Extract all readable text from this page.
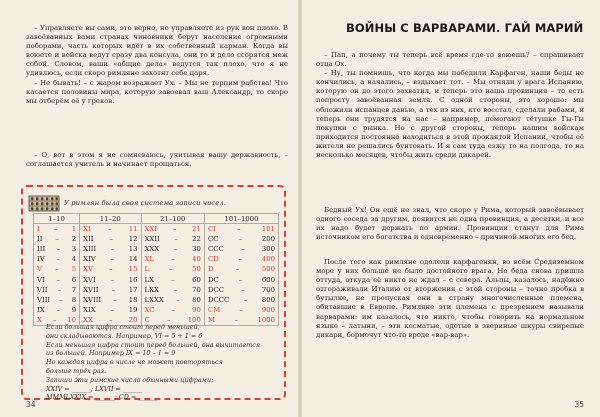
– Управляете вы сами, это верно, но управляете из рук вон плохо. В завоёванных вами странах чиновники берут население огромными поборами, часть которых идёт в их собственный карман. Когда вы воюете и войска ведут сразу два консула, они то и дело ссорятся меж собой. Словом, ваши «общие дела» ведутся так плохо, что я не удивлюсь, если скоро римляне захотят себе царя.
– Не бывать! – с жаром возражает Ух. – Мы не терпим рабства! Что касается половины мира, которую завоевал ваш Александр, то скоро мы отберём её у греков.
– О, вот в этом я не сомневаюсь, учитывая вашу державность, – соглашается учитель и начинает прощаться.
У римлян была своя система записи чисел.
1–10	11–20	21–100	101–1000

I – 1	XI – 11	XXI – 21	CI – 101

II – 2	XII – 12	XXII – 22	CC – 200

III – 3	XIII – 13	XXX – 30	CCC – 300

IV – 4	XIV – 14	XL – 40	CD – 400

V – 5	XV – 15	L – 50	D – 500

VI – 6	XVI – 16	LX – 60	DC – 600

VII – 7	XVII – 17	LXX – 70	DCC – 700

VIII – 8	XVIII – 18	LXXX – 80	DCCC – 800

IX – 9	XIX – 19	XC – 90	CM – 900

X – 10	XX – 20	C – 100	M – 1000

Если большая цифра стоит перед меньшей,

они складываются. Например, VI = 5 + 1 = 6

Если меньшая цифра стоит перед большей, она вычитается

из большей. Например IX = 10 – 1 = 9

Но каждая цифра в числе не может повторяться

больше трёх раз.

Запиши эти римские числа обычными цифрами:

XXIV = ______; LXVII = ______

MMMLXXIX = ______; CD = ______

34
ВОЙНЫ С ВАРВАРАМИ. ГАЙ МАРИЙ
– Пап, а почему ты теперь всё время где-то воюешь? – спрашивает отца Ох.
– Ну, ты помнишь, что когда мы победили Карфаген, наши беды не кончились, а начались, – вздыхает тот. – Мы отняли у врага Испанию, которую он до этого захватил, и теперь это наша провинция – то есть попросту завоёванная земля. С одной стороны, это хорошо: мы обложили испанцев данью, а тех из них, кто восстал, сделали рабами, и теперь они трудятся на нас – например, помогают тётушке Гы-Гы покупки с рынка. Но с другой стороны, теперь нашим войскам приходится постоянно находиться в этой проклятой Испании, чтобы её жители не решались бунтовать. И я сам туда езжу то на полгода, то на несколько месяцев, чтобы жить среди дикарей.
Бедный Ух! Он ещё не знал, что скоро у Рима, который завоёвывает одного соседа за другим, появится не одна провинция, а десятки, и все их надо будет держать по армии. Провинции станут для Рима источником его богатства и одновременно – причиной многих его бед.
После того как римляне одолели карфагенян, во всём Средиземном море у них больше не было достойного врага. Но беда снова пришла оттуда, откуда её никто не ждал – с севера. Альпы, казалось, надёжно отгораживали Италию от вторжения с этой стороны – точно пробка в бутылке, не пропуская они в страну многочисленные племена, обитавшие в Европе. Римляне эти племена с презрением называли варварами: им казалось, что никто, чтобы говорить на нормальном языке – латыни, – эти косматые, одетые в звериные шкуры свирепые дикари, бормочут что-то вроде «вар-вар».
35
